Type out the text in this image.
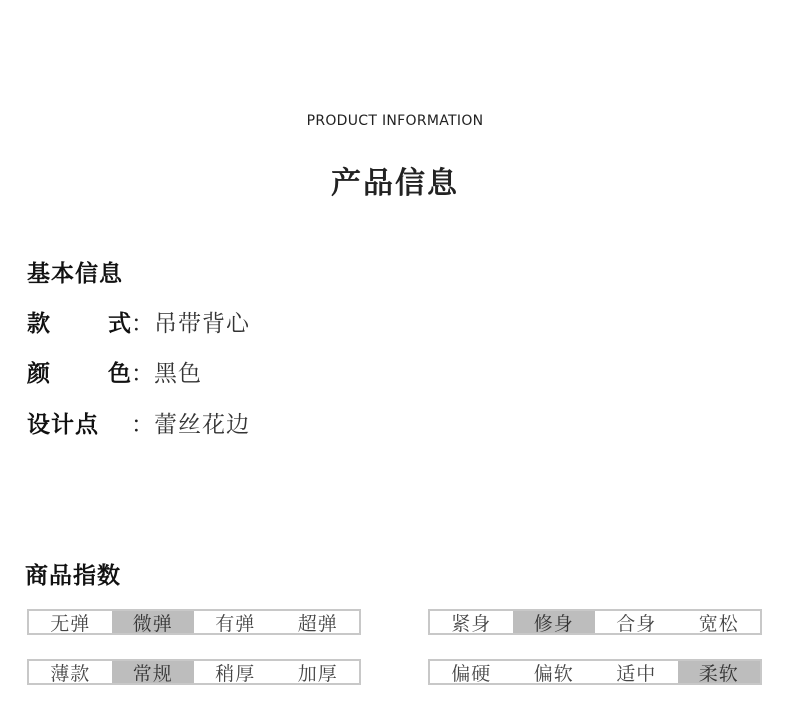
PRODUCT INFORMATION
产品信息
基本信息
款	式 ： 吊带背心
颜	色 ： 黑色
设计点 ： 蕾丝花边
商品指数
无弹	微弹	有弹	超弹	紧身	修身	合身	宽松
薄款	常规	稍厚	加厚	偏硬	偏软	适中	柔软
